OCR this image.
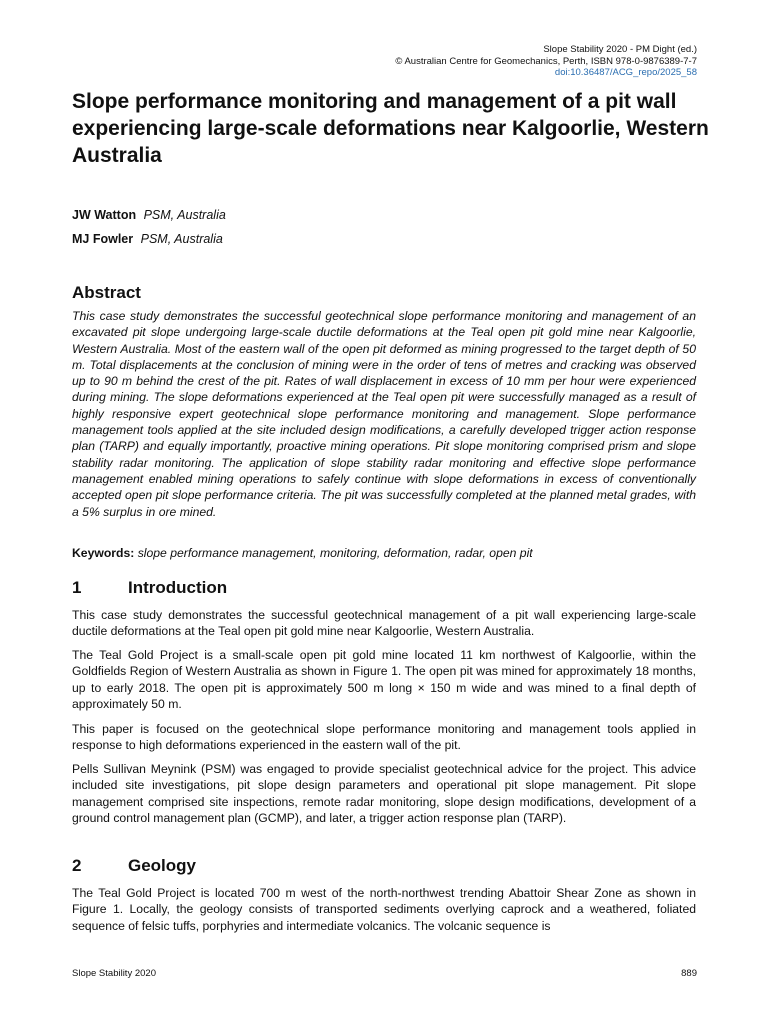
Slope Stability 2020 - PM Dight (ed.)
© Australian Centre for Geomechanics, Perth, ISBN 978-0-9876389-7-7
doi:10.36487/ACG_repo/2025_58
Slope performance monitoring and management of a pit wall experiencing large-scale deformations near Kalgoorlie, Western Australia
JW Watton PSM, Australia
MJ Fowler PSM, Australia
Abstract

This case study demonstrates the successful geotechnical slope performance monitoring and management of an excavated pit slope undergoing large-scale ductile deformations at the Teal open pit gold mine near Kalgoorlie, Western Australia. Most of the eastern wall of the open pit deformed as mining progressed to the target depth of 50 m. Total displacements at the conclusion of mining were in the order of tens of metres and cracking was observed up to 90 m behind the crest of the pit. Rates of wall displacement in excess of 10 mm per hour were experienced during mining. The slope deformations experienced at the Teal open pit were successfully managed as a result of highly responsive expert geotechnical slope performance monitoring and management. Slope performance management tools applied at the site included design modifications, a carefully developed trigger action response plan (TARP) and equally importantly, proactive mining operations. Pit slope monitoring comprised prism and slope stability radar monitoring. The application of slope stability radar monitoring and effective slope performance management enabled mining operations to safely continue with slope deformations in excess of conventionally accepted open pit slope performance criteria. The pit was successfully completed at the planned metal grades, with a 5% surplus in ore mined.

Keywords: slope performance management, monitoring, deformation, radar, open pit
1	Introduction

This case study demonstrates the successful geotechnical management of a pit wall experiencing large-scale ductile deformations at the Teal open pit gold mine near Kalgoorlie, Western Australia.

The Teal Gold Project is a small-scale open pit gold mine located 11 km northwest of Kalgoorlie, within the Goldfields Region of Western Australia as shown in Figure 1. The open pit was mined for approximately 18 months, up to early 2018. The open pit is approximately 500 m long × 150 m wide and was mined to a final depth of approximately 50 m.

This paper is focused on the geotechnical slope performance monitoring and management tools applied in response to high deformations experienced in the eastern wall of the pit.

Pells Sullivan Meynink (PSM) was engaged to provide specialist geotechnical advice for the project. This advice included site investigations, pit slope design parameters and operational pit slope management. Pit slope management comprised site inspections, remote radar monitoring, slope design modifications, development of a ground control management plan (GCMP), and later, a trigger action response plan (TARP).

2	Geology

The Teal Gold Project is located 700 m west of the north-northwest trending Abattoir Shear Zone as shown in Figure 1. Locally, the geology consists of transported sediments overlying caprock and a weathered, foliated sequence of felsic tuffs, porphyries and intermediate volcanics. The volcanic sequence is

Slope Stability 2020	889
